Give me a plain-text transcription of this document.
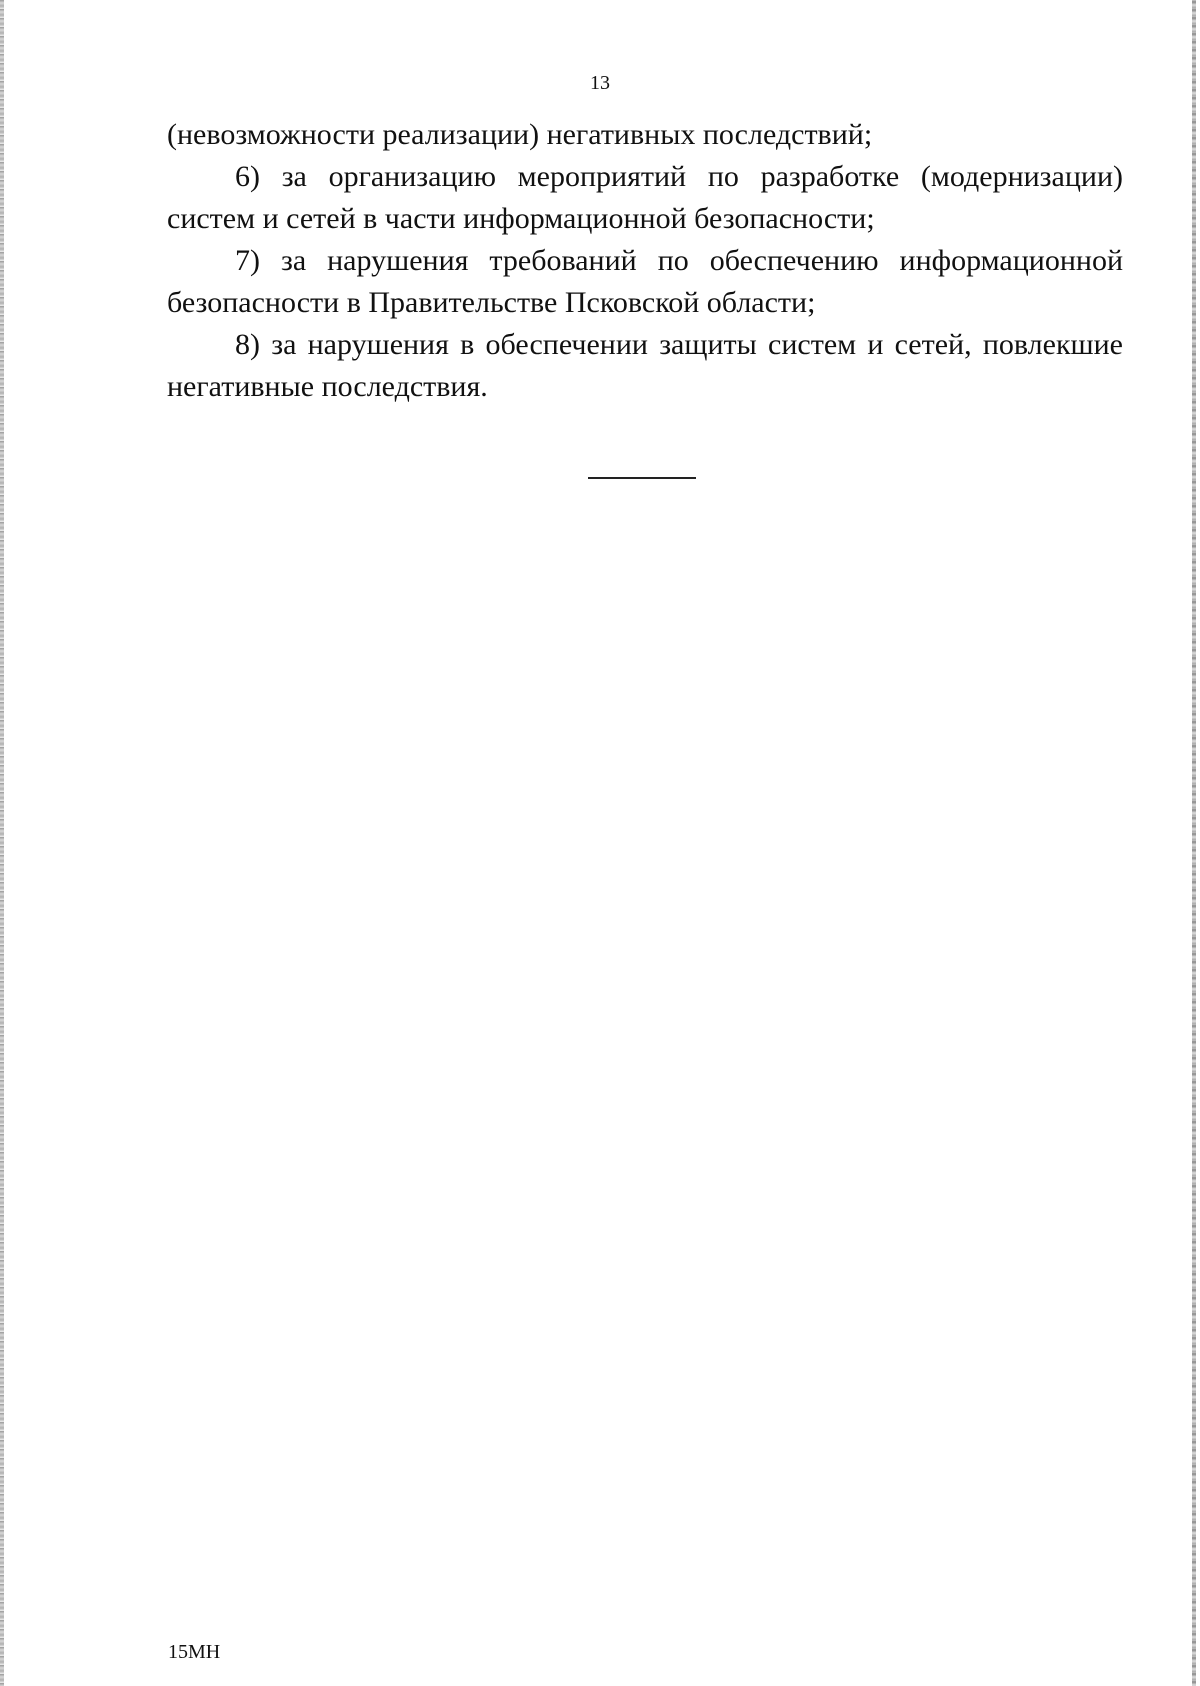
13

(невозможности реализации) негативных последствий;

6) за организацию мероприятий по разработке (модернизации) систем и сетей в части информационной безопасности;

7) за нарушения требований по обеспечению информационной безопасности в Правительстве Псковской области;

8) за нарушения в обеспечении защиты систем и сетей, повлекшие негативные последствия.

15МН
